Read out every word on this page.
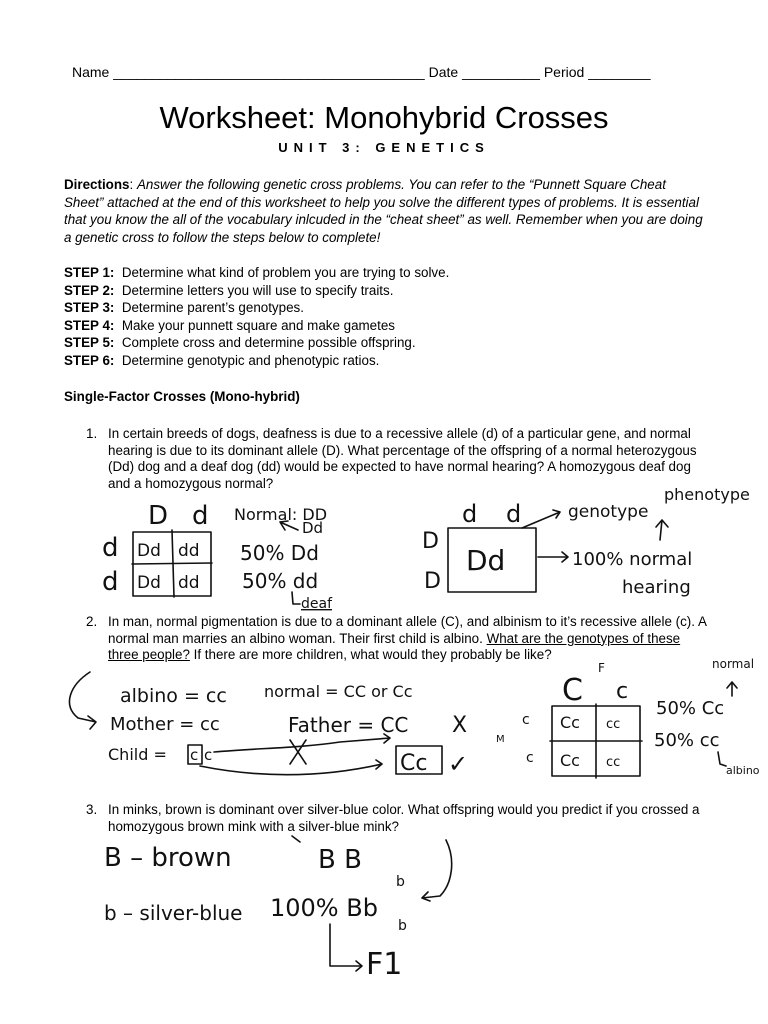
Name ________________________________________ Date __________ Period ________
Worksheet: Monohybrid Crosses
UNIT 3: GENETICS
Directions: Answer the following genetic cross problems. You can refer to the “Punnett Square Cheat Sheet” attached at the end of this worksheet to help you solve the different types of problems. It is essential that you know the all of the vocabulary inlcuded in the “cheat sheet” as well. Remember when you are doing a genetic cross to follow the steps below to complete!
STEP 1: Determine what kind of problem you are trying to solve.
STEP 2: Determine letters you will use to specify traits.
STEP 3: Determine parent’s genotypes.
STEP 4: Make your punnett square and make gametes
STEP 5: Complete cross and determine possible offspring.
STEP 6: Determine genotypic and phenotypic ratios.
Single-Factor Crosses (Mono-hybrid)
1. In certain breeds of dogs, deafness is due to a recessive allele (d) of a particular gene, and normal hearing is due to its dominant allele (D). What percentage of the offspring of a normal heterozygous (Dd) dog and a deaf dog (dd) would be expected to have normal hearing? A homozygous deaf dog and a homozygous normal?
2. In man, normal pigmentation is due to a dominant allele (C), and albinism to it’s recessive allele (c). A normal man marries an albino woman. Their first child is albino. What are the genotypes of these three people? If there are more children, what would they probably be like?
3. In minks, brown is dominant over silver-blue color. What offspring would you predict if you crossed a homozygous brown mink with a silver-blue mink?
D d
d
d
Dd dd
Dd dd
Normal: DD
Dd
50% Dd
50% dd
deaf
d d
D
D
Dd
genotype
phenotype
100% normal
hearing
albino = cc normal = CC or Cc
Mother = cc	Father = CC X
Child = c c	Cc ✓
F
M
C c
c
c
Cc cc
Cc cc
normal
50% Cc
50% cc
albino
B – brown	B B
b
b – silver-blue 100% Bb
b
F1
